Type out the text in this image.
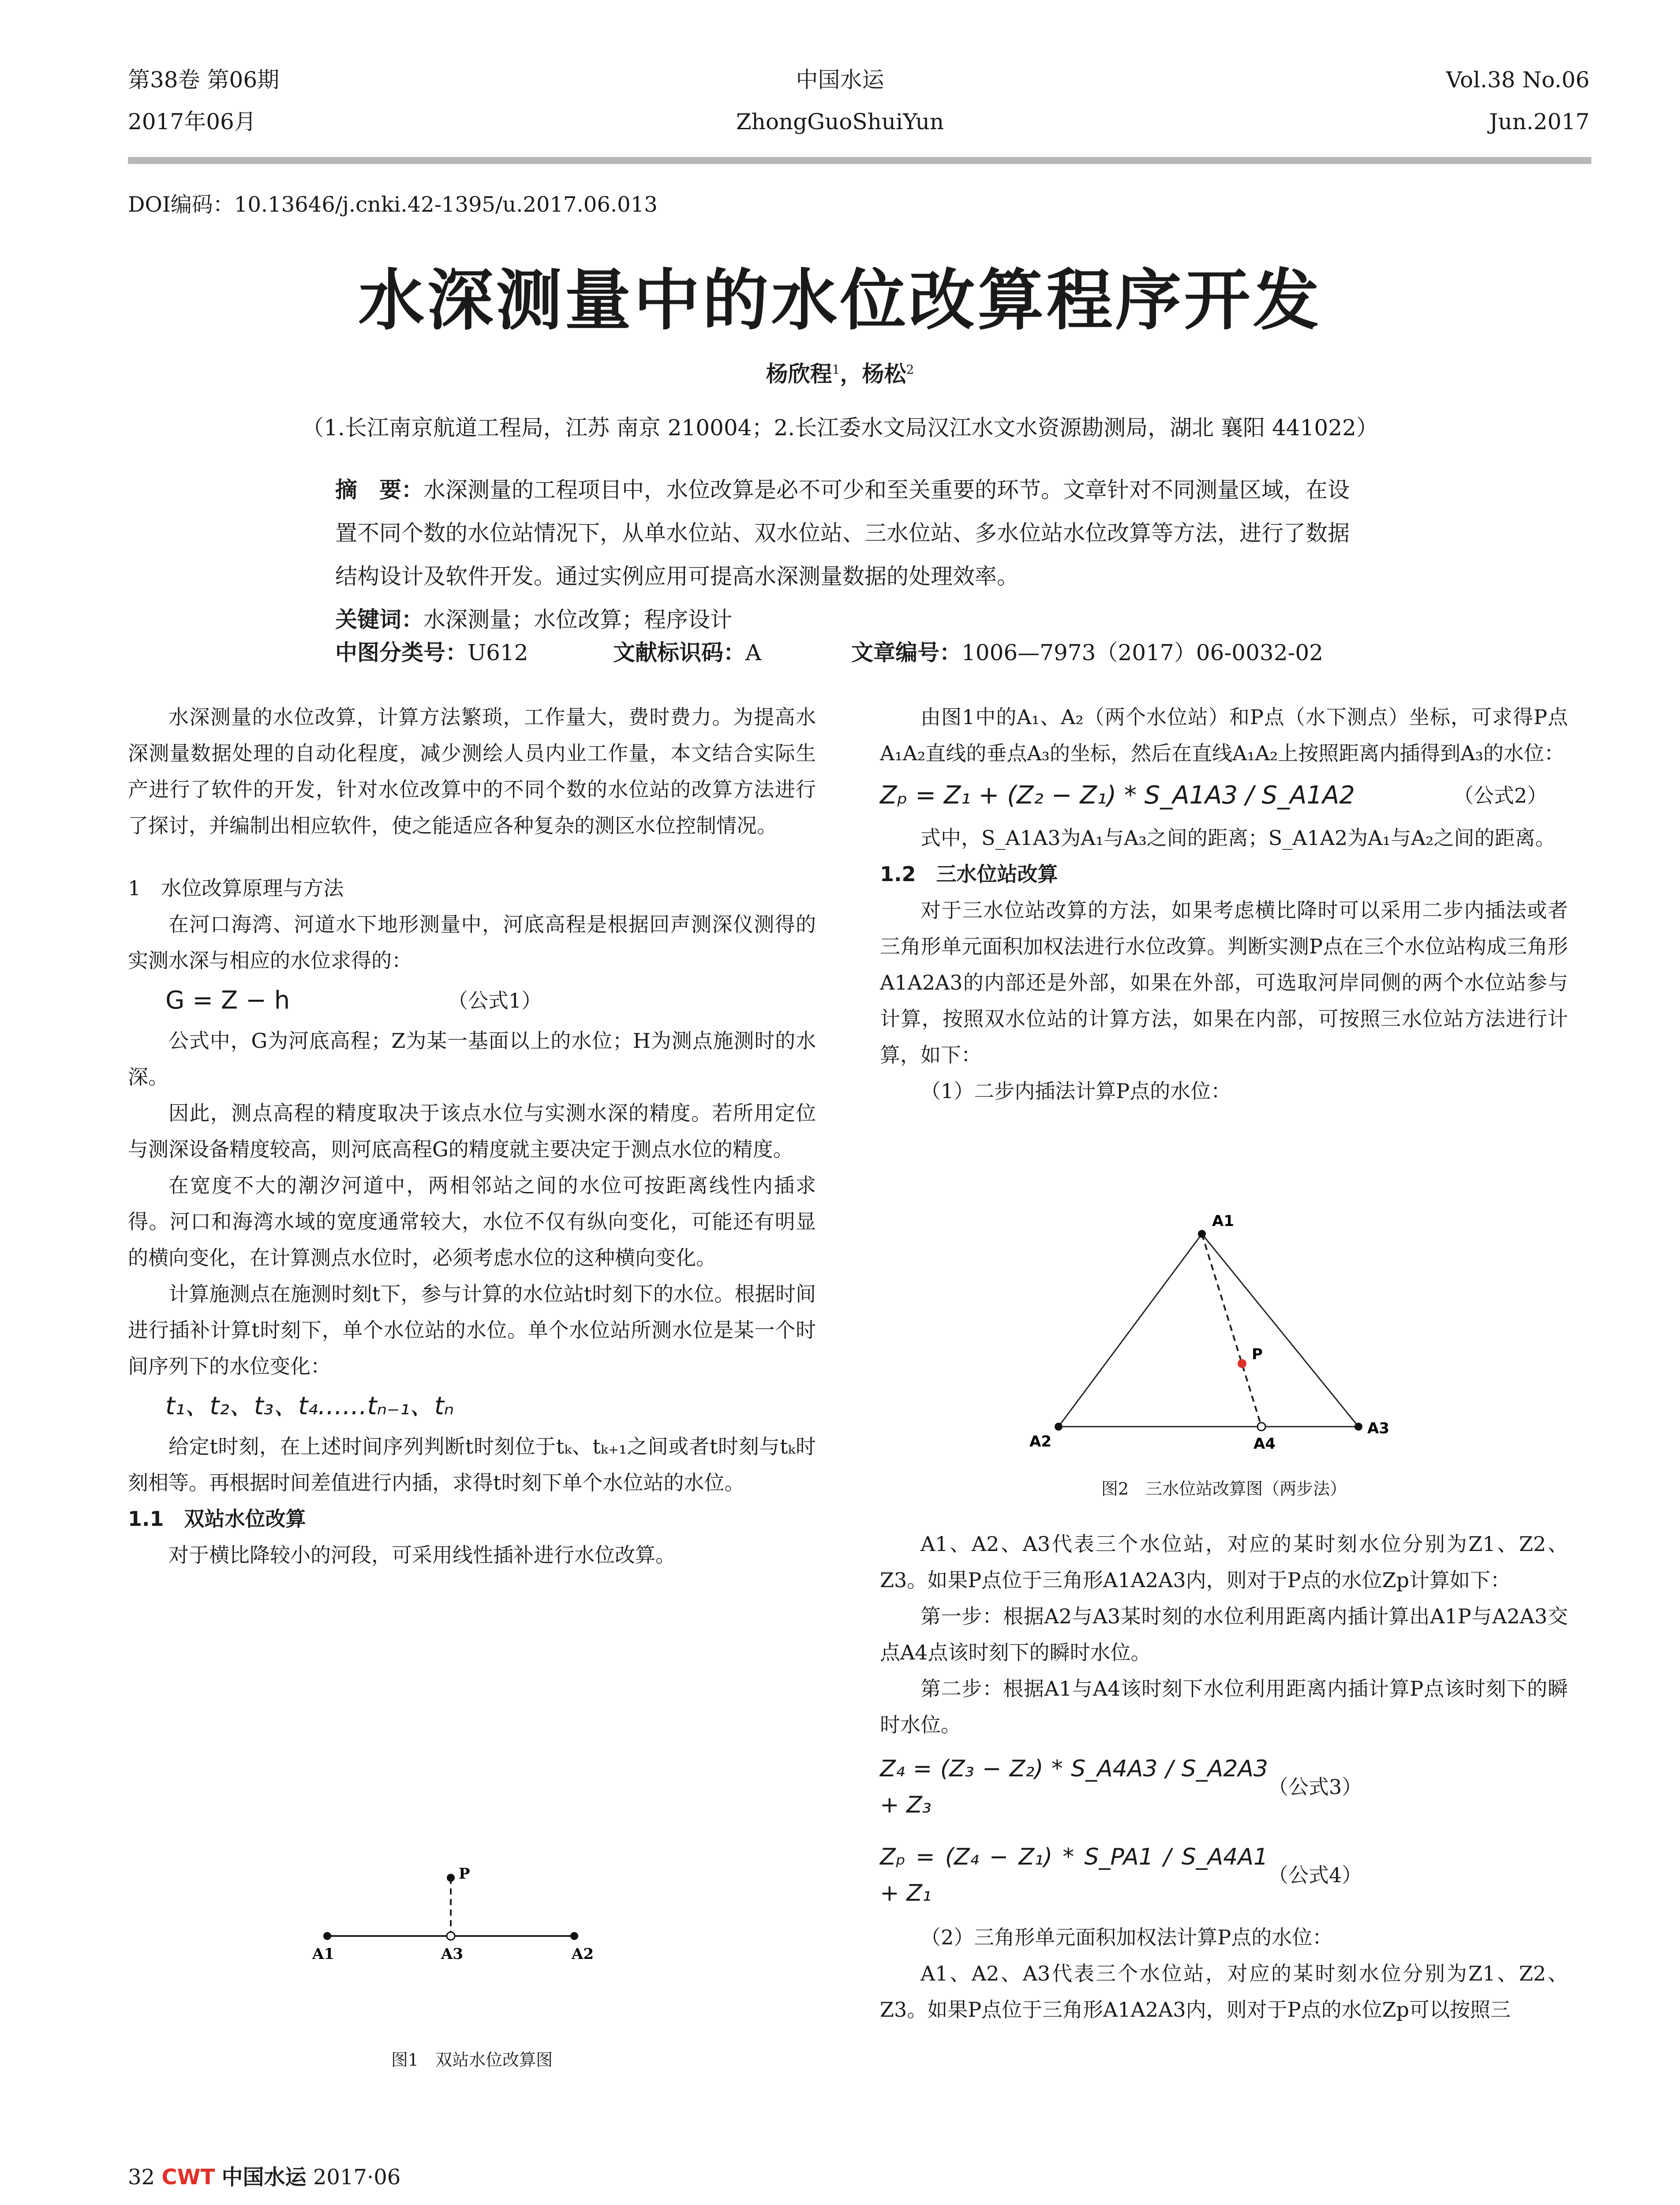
第38卷 第06期
2017年06月
中国水运
ZhongGuoShuiYun
Vol.38 No.06
Jun.2017
DOI编码：10.13646/j.cnki.42-1395/u.2017.06.013
水深测量中的水位改算程序开发
杨欣程$^1$，杨松$^2$
（1.长江南京航道工程局，江苏 南京 210004；2.长江委水文局汉江水文水资源勘测局，湖北 襄阳 441022）
摘　要：水深测量的工程项目中，水位改算是必不可少和至关重要的环节。文章针对不同测量区域，在设置不同个数的水位站情况下，从单水位站、双水位站、三水位站、多水位站水位改算等方法，进行了数据结构设计及软件开发。通过实例应用可提高水深测量数据的处理效率。
关键词：水深测量；水位改算；程序设计
中图分类号：U612	文献标识码：A	文章编号：1006—7973（2017）06-0032-02

水深测量的水位改算，计算方法繁琐，工作量大，费时费力。为提高水深测量数据处理的自动化程度，减少测绘人员内业工作量，本文结合实际生产进行了软件的开发，针对水位改算中的不同个数的水位站的改算方法进行了探讨，并编制出相应软件，使之能适应各种复杂的测区水位控制情况。

1　水位改算原理与方法

在河口海湾、河道水下地形测量中，河底高程是根据回声测深仪测得的实测水深与相应的水位求得的：

G = Z − h	（公式1）

公式中，G为河底高程；Z为某一基面以上的水位；H为测点施测时的水深。

因此，测点高程的精度取决于该点水位与实测水深的精度。若所用定位与测深设备精度较高，则河底高程G的精度就主要决定于测点水位的精度。

在宽度不大的潮汐河道中，两相邻站之间的水位可按距离线性内插求得。河口和海湾水域的宽度通常较大，水位不仅有纵向变化，可能还有明显的横向变化，在计算测点水位时，必须考虑水位的这种横向变化。

计算施测点在施测时刻t下，参与计算的水位站t时刻下的水位。根据时间进行插补计算t时刻下，单个水位站的水位。单个水位站所测水位是某一个时间序列下的水位变化：

t₁、t₂、t₃、t₄……tₙ₋₁、tₙ

给定t时刻，在上述时间序列判断t时刻位于tₖ、tₖ₊₁之间或者t时刻与tₖ时刻相等。再根据时间差值进行内插，求得t时刻下单个水位站的水位。

1.1　双站水位改算

对于横比降较小的河段，可采用线性插补进行水位改算。

P
A1	A3	A2
图1　双站水位改算图

由图1中的A₁、A₂（两个水位站）和P点（水下测点）坐标，可求得P点A₁A₂直线的垂点A₃的坐标，然后在直线A₁A₂上按照距离内插得到A₃的水位：

Zₚ = Z₁ + (Z₂ − Z₁) * S_A1A3 / S_A1A2	（公式2）

式中，S_A1A3为A₁与A₃之间的距离；S_A1A2为A₁与A₂之间的距离。

1.2　三水位站改算

对于三水位站改算的方法，如果考虑横比降时可以采用二步内插法或者三角形单元面积加权法进行水位改算。判断实测P点在三个水位站构成三角形A1A2A3的内部还是外部，如果在外部，可选取河岸同侧的两个水位站参与计算，按照双水位站的计算方法，如果在内部，可按照三水位站方法进行计算，如下：

（1）二步内插法计算P点的水位：

A1
P
A2	A4
A3
图2　三水位站改算图（两步法）

A1、A2、A3代表三个水位站，对应的某时刻水位分别为Z1、Z2、Z3。如果P点位于三角形A1A2A3内，则对于P点的水位Zp计算如下：

第一步：根据A2与A3某时刻的水位利用距离内插计算出A1P与A2A3交点A4点该时刻下的瞬时水位。

第二步：根据A1与A4该时刻下水位利用距离内插计算P点该时刻下的瞬时水位。

Z₄ = (Z₃ − Z₂) * S_A4A3 / S_A2A3 + Z₃
（公式3）
Zₚ = (Z₄ − Z₁) * S_PA1 / S_A4A1 + Z₁
（公式4）

（2）三角形单元面积加权法计算P点的水位：

A1、A2、A3代表三个水位站，对应的某时刻水位分别为Z1、Z2、Z3。如果P点位于三角形A1A2A3内，则对于P点的水位Zp可以按照三

32 CWT 中国水运 2017·06
